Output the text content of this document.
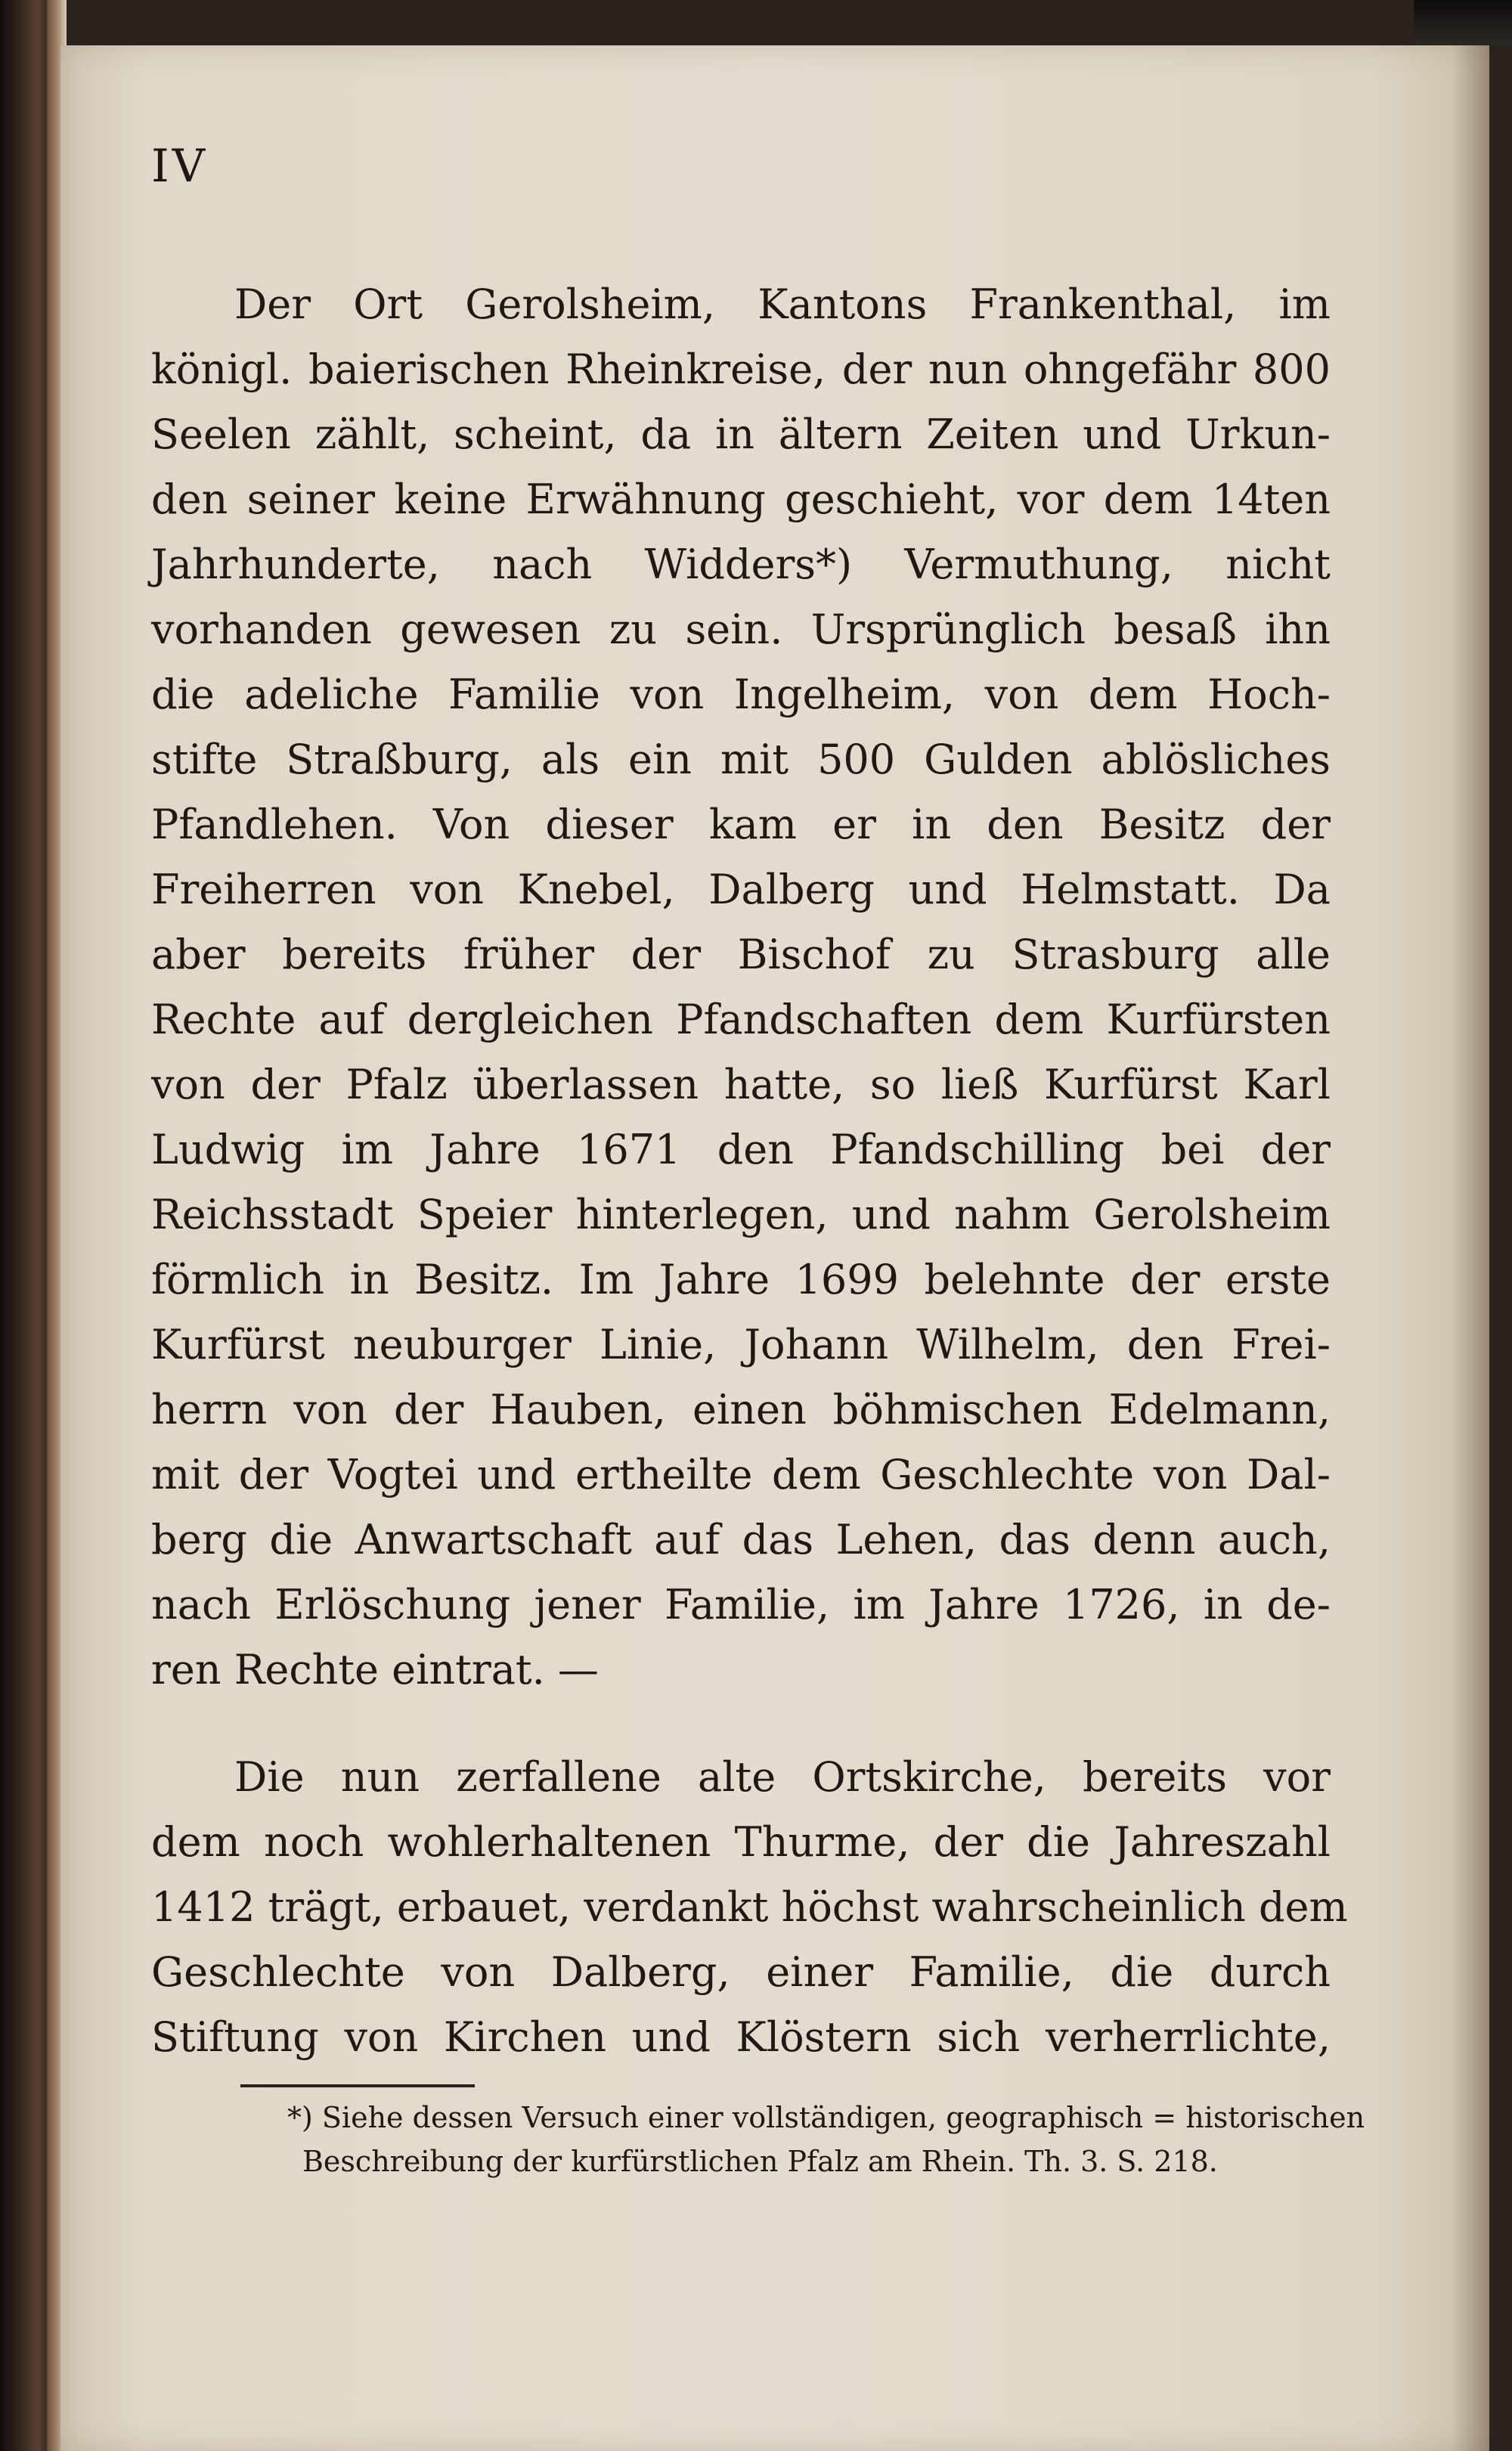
IV
Der Ort Gerolsheim, Kantons Frankenthal, im
königl. baierischen Rheinkreise, der nun ohngefähr 800
Seelen zählt, scheint, da in ältern Zeiten und Urkun-
den seiner keine Erwähnung geschieht, vor dem 14ten
Jahrhunderte, nach Widders*) Vermuthung, nicht
vorhanden gewesen zu sein. Ursprünglich besaß ihn
die adeliche Familie von Ingelheim, von dem Hoch-
stifte Straßburg, als ein mit 500 Gulden ablösliches
Pfandlehen. Von dieser kam er in den Besitz der
Freiherren von Knebel, Dalberg und Helmstatt. Da
aber bereits früher der Bischof zu Strasburg alle
Rechte auf dergleichen Pfandschaften dem Kurfürsten
von der Pfalz überlassen hatte, so ließ Kurfürst Karl
Ludwig im Jahre 1671 den Pfandschilling bei der
Reichsstadt Speier hinterlegen, und nahm Gerolsheim
förmlich in Besitz. Im Jahre 1699 belehnte der erste
Kurfürst neuburger Linie, Johann Wilhelm, den Frei-
herrn von der Hauben, einen böhmischen Edelmann,
mit der Vogtei und ertheilte dem Geschlechte von Dal-
berg die Anwartschaft auf das Lehen, das denn auch,
nach Erlöschung jener Familie, im Jahre 1726, in de-
ren Rechte eintrat. —
Die nun zerfallene alte Ortskirche, bereits vor
dem noch wohlerhaltenen Thurme, der die Jahreszahl
1412 trägt, erbauet, verdankt höchst wahrscheinlich dem
Geschlechte von Dalberg, einer Familie, die durch
Stiftung von Kirchen und Klöstern sich verherrlichte,
*) Siehe dessen Versuch einer vollständigen, geographisch = historischen
Beschreibung der kurfürstlichen Pfalz am Rhein. Th. 3. S. 218.
